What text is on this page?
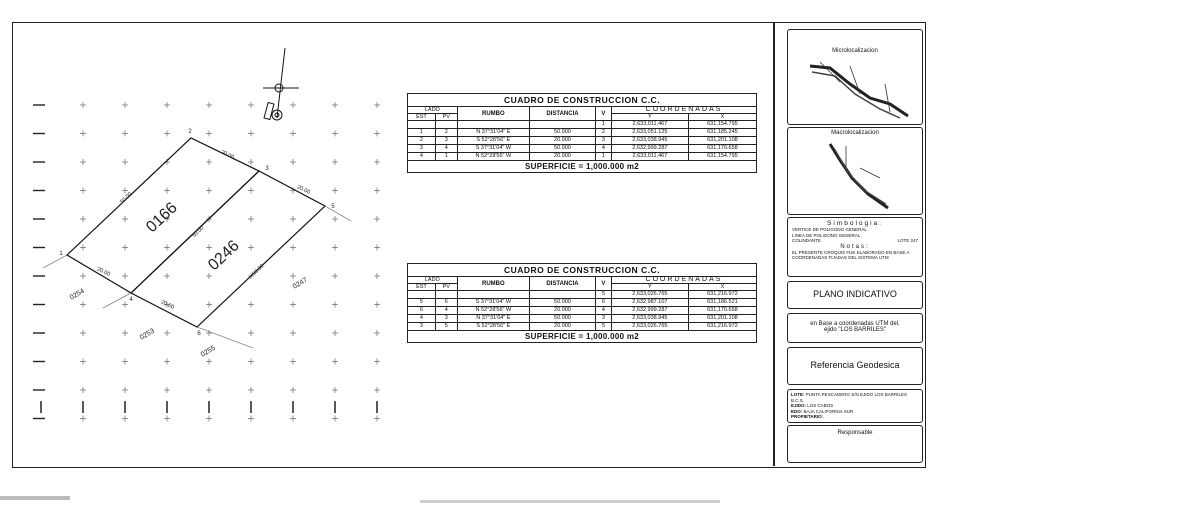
0166
0246
0254
0253
0255
0247
1
2
3
4
5
6
50.00
20.00
50.00
20.00
20.00	50.00
20.00
CUADRO DE CONSTRUCCION C.C.						
LADO		RUMBO	DISTANCIA	V	COORDENADAS	
EST	PV				Y	X
				1	2,633,011.467	631,154.795
1	2	N 37°31'04" E	50.000	2	2,633,051.125	631,185.245
2	3	S 52°28'56" E	20.000	3	2,633,038.945	631,201.108
3	4	S 37°31'04" W	50.000	4	2,632,999.287	631,170.658
4	1	N 52°28'56" W	20.000	1	2,633,011.467	631,154.795
SUPERFICIE = 1,000.000 m2						
CUADRO DE CONSTRUCCION C.C.						
LADO		RUMBO	DISTANCIA	V	COORDENADAS	
EST	PV				Y	X
				5	2,633,026.765	631,216.972
5	6	S 37°31'04" W	50.000	6	2,632,987.107	631,186.521
6	4	N 52°28'56" W	20.000	4	2,632,999.287	631,170.658
4	3	N 37°31'04" E	50.000	3	2,633,038.945	631,201.108
3	5	S 52°28'56" E	20.000	5	2,633,026.765	631,216.972
SUPERFICIE = 1,000.000 m2						
Microlocalizacion
Macrolocalizacion
Simbologia:
VERTICE DE POLIGONO GENERAL
LINEA DE POLIGONO GENERAL
COLINDANTE	LOTE 247
Notas:
EL PRESENTE CROQUIS FUE ELABORADO EN BASE A COORDENADAS FIJADAS DEL SISTEMA UTM
PLANO INDICATIVO
en Base a coordenadas UTM del,
ejido "LOS BARRILES"
Referencia Geodesica
LOTE: PUNTA PESCADERO S/N EJIDO LOS BARRILES B.C.S.
EJIDO: LOS CABOS
EDO: BAJA CALIFORNIA SUR
PROPIETARIO:
Responsable
